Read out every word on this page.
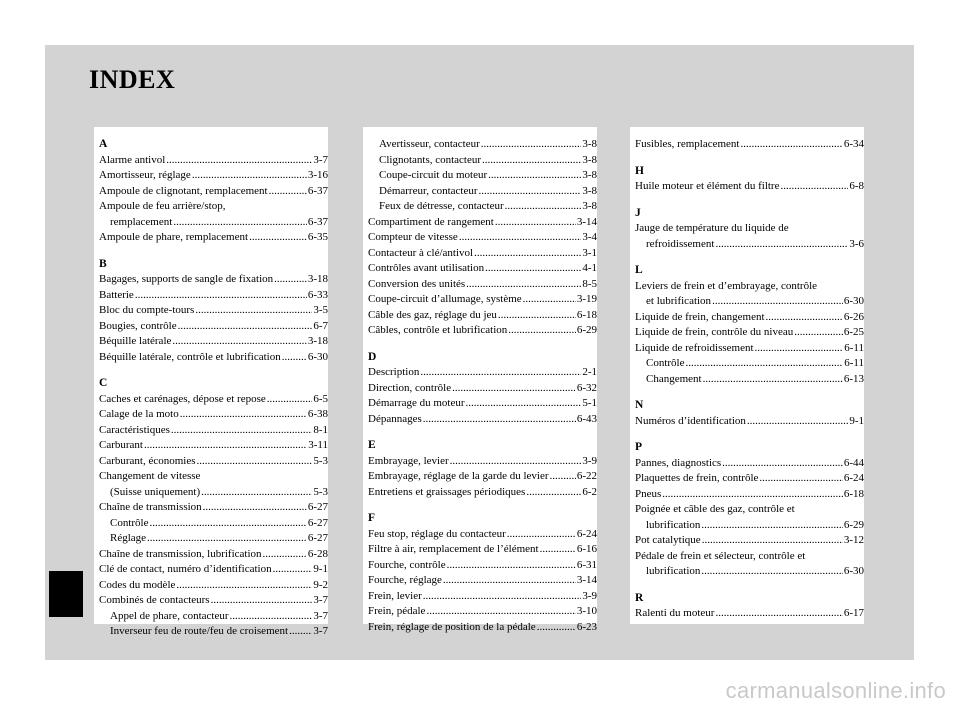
INDEX
A
Alarme antivol .....	3-7
Amortisseur, réglage .....	3-16
Ampoule de clignotant, remplacement .....	6-37
Ampoule de feu arrière/stop,
remplacement .....	6-37
Ampoule de phare, remplacement .....	6-35
B
Bagages, supports de sangle de fixation .....	3-18
Batterie .....	6-33
Bloc du compte-tours .....	3-5
Bougies, contrôle .....	6-7
Béquille latérale .....	3-18
Béquille latérale, contrôle et lubrification ..... 6-30
C
Caches et carénages, dépose et repose .....	6-5
Calage de la moto .....	6-38
Caractéristiques .....	8-1
Carburant .....	3-11
Carburant, économies .....	5-3
Changement de vitesse
(Suisse uniquement) .....	5-3
Chaîne de transmission .....	6-27
Contrôle .....	6-27
Réglage .....	6-27
Chaîne de transmission, lubrification .....	6-28
Clé de contact, numéro d’identification .....	9-1
Codes du modèle .....	9-2
Combinés de contacteurs .....	3-7
Appel de phare, contacteur .....	3-7
Inverseur feu de route/feu de croisement ..... 3-7
Avertisseur, contacteur .....	3-8
Clignotants, contacteur .....	3-8
Coupe-circuit du moteur .....	3-8
Démarreur, contacteur .....	3-8
Feux de détresse, contacteur .....	3-8
Compartiment de rangement .....	3-14
Compteur de vitesse .....	3-4
Contacteur à clé/antivol .....	3-1
Contrôles avant utilisation .....	4-1
Conversion des unités .....	8-5
Coupe-circuit d’allumage, système .....	3-19
Câble des gaz, réglage du jeu .....	6-18
Câbles, contrôle et lubrification .....	6-29
D
Description .....	2-1
Direction, contrôle .....	6-32
Démarrage du moteur .....	5-1
Dépannages .....	6-43
E
Embrayage, levier .....	3-9
Embrayage, réglage de la garde du levier .....	6-22
Entretiens et graissages périodiques .....	6-2
F
Feu stop, réglage du contacteur .....	6-24
Filtre à air, remplacement de l’élément .....	6-16
Fourche, contrôle .....	6-31
Fourche, réglage .....	3-14
Frein, levier .....	3-9
Frein, pédale .....	3-10
Frein, réglage de position de la pédale .....	6-23
Fusibles, remplacement .....	6-34
H
Huile moteur et élément du filtre .....	6-8
J
Jauge de température du liquide de
refroidissement .....	3-6
L
Leviers de frein et d’embrayage, contrôle
et lubrification .....	6-30
Liquide de frein, changement .....	6-26
Liquide de frein, contrôle du niveau .....	6-25
Liquide de refroidissement .....	6-11
Contrôle .....	6-11
Changement .....	6-13
N
Numéros d’identification .....	9-1
P
Pannes, diagnostics .....	6-44
Plaquettes de frein, contrôle .....	6-24
Pneus .....	6-18
Poignée et câble des gaz, contrôle et
lubrification .....	6-29
Pot catalytique .....	3-12
Pédale de frein et sélecteur, contrôle et
lubrification .....	6-30
R
Ralenti du moteur .....	6-17
carmanualsonline.info
